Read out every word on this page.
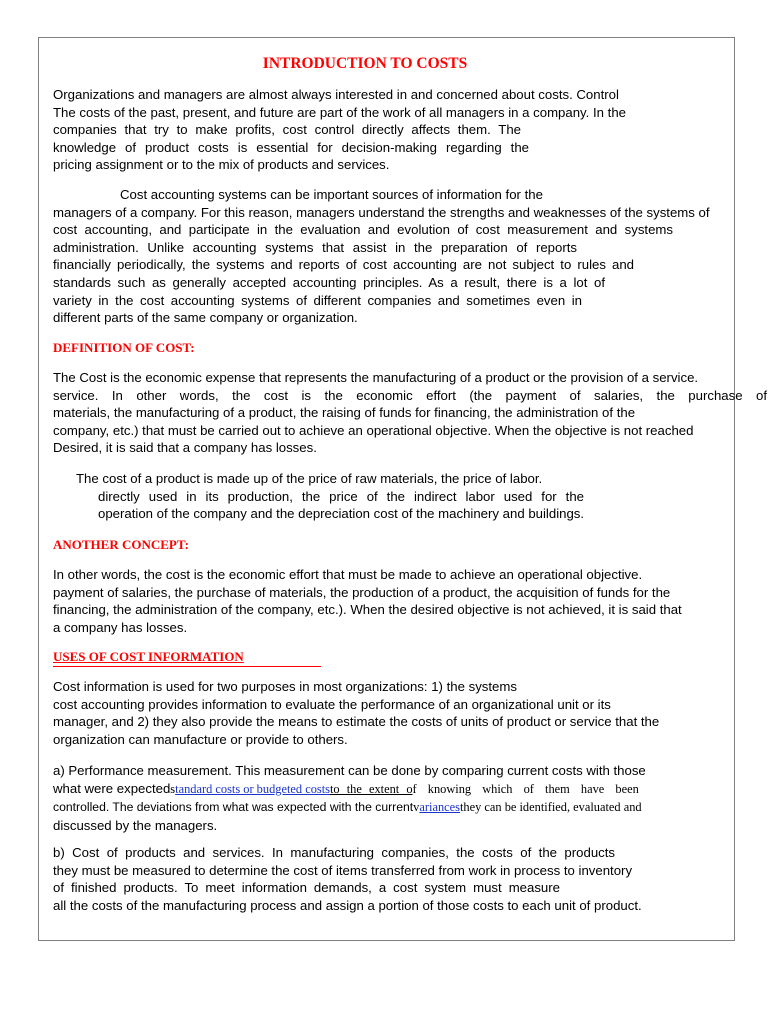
INTRODUCTION TO COSTS
Organizations and managers are almost always interested in and concerned about costs. Control
The costs of the past, present, and future are part of the work of all managers in a company. In the
companies that try to make profits, cost control directly affects them. The
knowledge of product costs is essential for decision-making regarding the
pricing assignment or to the mix of products and services.
Cost accounting systems can be important sources of information for the
managers of a company. For this reason, managers understand the strengths and weaknesses of the systems of
cost accounting, and participate in the evaluation and evolution of cost measurement and systems
administration. Unlike accounting systems that assist in the preparation of reports
financially periodically, the systems and reports of cost accounting are not subject to rules and
standards such as generally accepted accounting principles. As a result, there is a lot of
variety in the cost accounting systems of different companies and sometimes even in
different parts of the same company or organization.
DEFINITION OF COST:
The Cost is the economic expense that represents the manufacturing of a product or the provision of a service.
service. In other words, the cost is the economic effort (the payment of salaries, the purchase of
materials, the manufacturing of a product, the raising of funds for financing, the administration of the
company, etc.) that must be carried out to achieve an operational objective. When the objective is not reached
Desired, it is said that a company has losses.
The cost of a product is made up of the price of raw materials, the price of labor.
directly used in its production, the price of the indirect labor used for the
operation of the company and the depreciation cost of the machinery and buildings.
ANOTHER CONCEPT:
In other words, the cost is the economic effort that must be made to achieve an operational objective.
payment of salaries, the purchase of materials, the production of a product, the acquisition of funds for the
financing, the administration of the company, etc.). When the desired objective is not achieved, it is said that
a company has losses.
USES OF COST INFORMATION
Cost information is used for two purposes in most organizations: 1) the systems
cost accounting provides information to evaluate the performance of an organizational unit or its
manager, and 2) they also provide the means to estimate the costs of units of product or service that the
organization can manufacture or provide to others.
a) Performance measurement. This measurement can be done by comparing current costs with those
what were expectedstandard costs or budgeted coststo the extent of knowing which of them have been
controlled. The deviations from what was expected with the currentvariancesthey can be identified, evaluated and
discussed by the managers.
b) Cost of products and services. In manufacturing companies, the costs of the products
they must be measured to determine the cost of items transferred from work in process to inventory
of finished products. To meet information demands, a cost system must measure
all the costs of the manufacturing process and assign a portion of those costs to each unit of product.
